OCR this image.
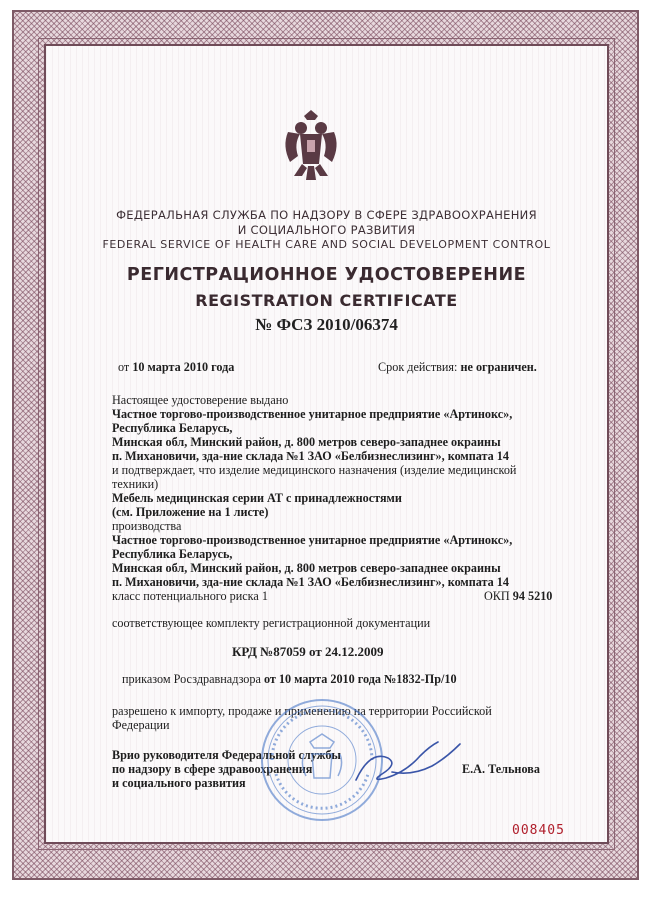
ФЕДЕРАЛЬНАЯ СЛУЖБА ПО НАДЗОРУ В СФЕРЕ ЗДРАВООХРАНЕНИЯ
И СОЦИАЛЬНОГО РАЗВИТИЯ
FEDERAL SERVICE OF HEALTH CARE AND SOCIAL DEVELOPMENT CONTROL
РЕГИСТРАЦИОННОЕ УДОСТОВЕРЕНИЕ
REGISTRATION CERTIFICATE
№ ФСЗ 2010/06374
от 10 марта 2010 года	Срок действия: не ограничен.
Настоящее удостоверение выдано
Частное торгово-производственное унитарное предприятие «Артинокс»,
Республика Беларусь,
Минская обл, Минский район, д. 800 метров северо-западнее окраины
п. Михановичи, зда-ние склада №1 ЗАО «Белбизнеслизинг», компата 14
и подтверждает, что изделие медицинского назначения (изделие медицинской
техники)
Мебель медицинская серии АТ с принадлежностями
(см. Приложение на 1 листе)
производства
Частное торгово-производственное унитарное предприятие «Артинокс»,
Республика Беларусь,
Минская обл, Минский район, д. 800 метров северо-западнее окраины
п. Михановичи, зда-ние склада №1 ЗАО «Белбизнеслизинг», компата 14
класс потенциального риска 1	ОКП 94 5210
соответствующее комплекту регистрационной документации
КРД №87059 от 24.12.2009
приказом Росздравнадзора от 10 марта 2010 года №1832-Пр/10
разрешено к импорту, продаже и применению на территории Российской
Федерации
Врио руководителя Федеральной службы
по надзору в сфере здравоохранения
и социального развития
Е.А. Тельнова
008405
